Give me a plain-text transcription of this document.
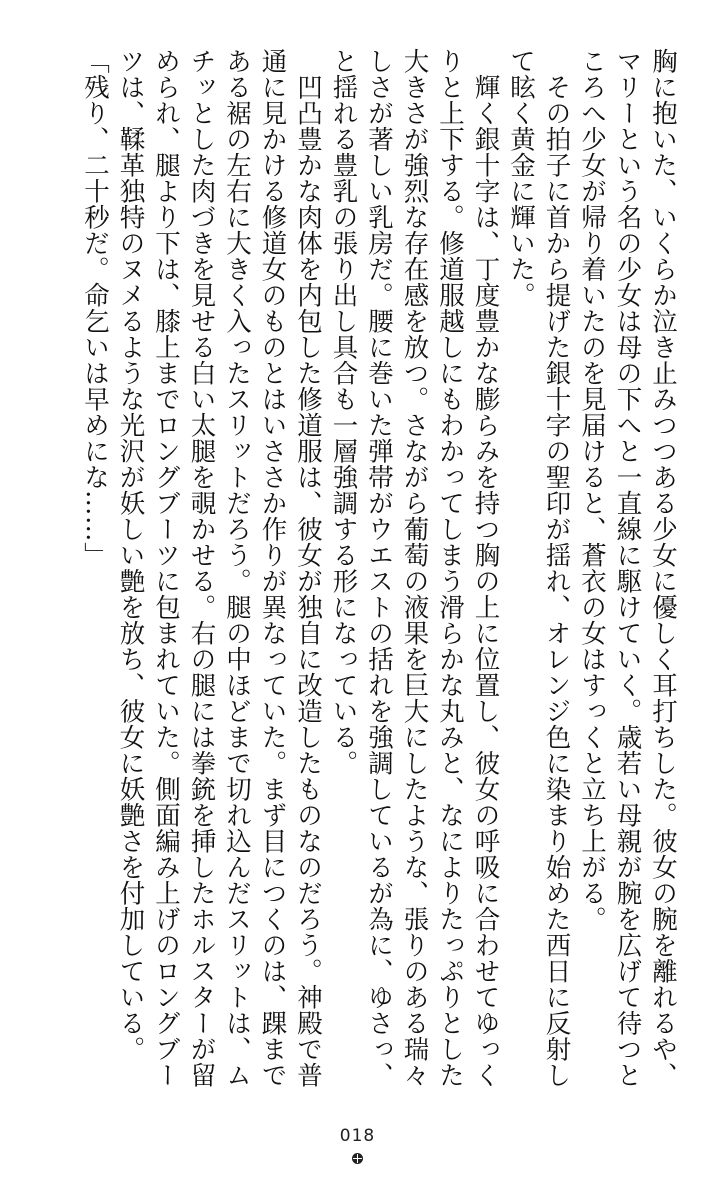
胸に抱いた、いくらか泣き止みつつある少女に優しく耳打ちした。彼女の腕を離れるや、

マリーという名の少女は母の下へと一直線に駆けていく。歳若い母親が腕を広げて待つと

ころへ少女が帰り着いたのを見届けると、蒼衣の女はすっくと立ち上がる。

その拍子に首から提げた銀十字の聖印が揺れ、オレンジ色に染まり始めた西日に反射し

て眩く黄金に輝いた。

輝く銀十字は、丁度豊かな膨らみを持つ胸の上に位置し、彼女の呼吸に合わせてゆっく

りと上下する。修道服越しにもわかってしまう滑らかな丸みと、なによりたっぷりとした

大きさが強烈な存在感を放つ。さながら葡萄の液果を巨大にしたような、張りのある瑞々

しさが著しい乳房だ。腰に巻いた弾帯がウエストの括れを強調しているが為に、ゆさっ、

と揺れる豊乳の張り出し具合も一層強調する形になっている。

凹凸豊かな肉体を内包した修道服は、彼女が独自に改造したものなのだろう。神殿で普

通に見かける修道女のものとはいささか作りが異なっていた。まず目につくのは、踝まで

ある裾の左右に大きく入ったスリットだろう。腿の中ほどまで切れ込んだスリットは、ム

チッとした肉づきを見せる白い太腿を覗かせる。右の腿には拳銃を挿したホルスターが留

められ、腿より下は、膝上までロングブーツに包まれていた。側面編み上げのロングブー

ツは、鞣革独特のヌメるような光沢が妖しい艶を放ち、彼女に妖艶さを付加している。

「残り、二十秒だ。命乞いは早めにな……」

018
